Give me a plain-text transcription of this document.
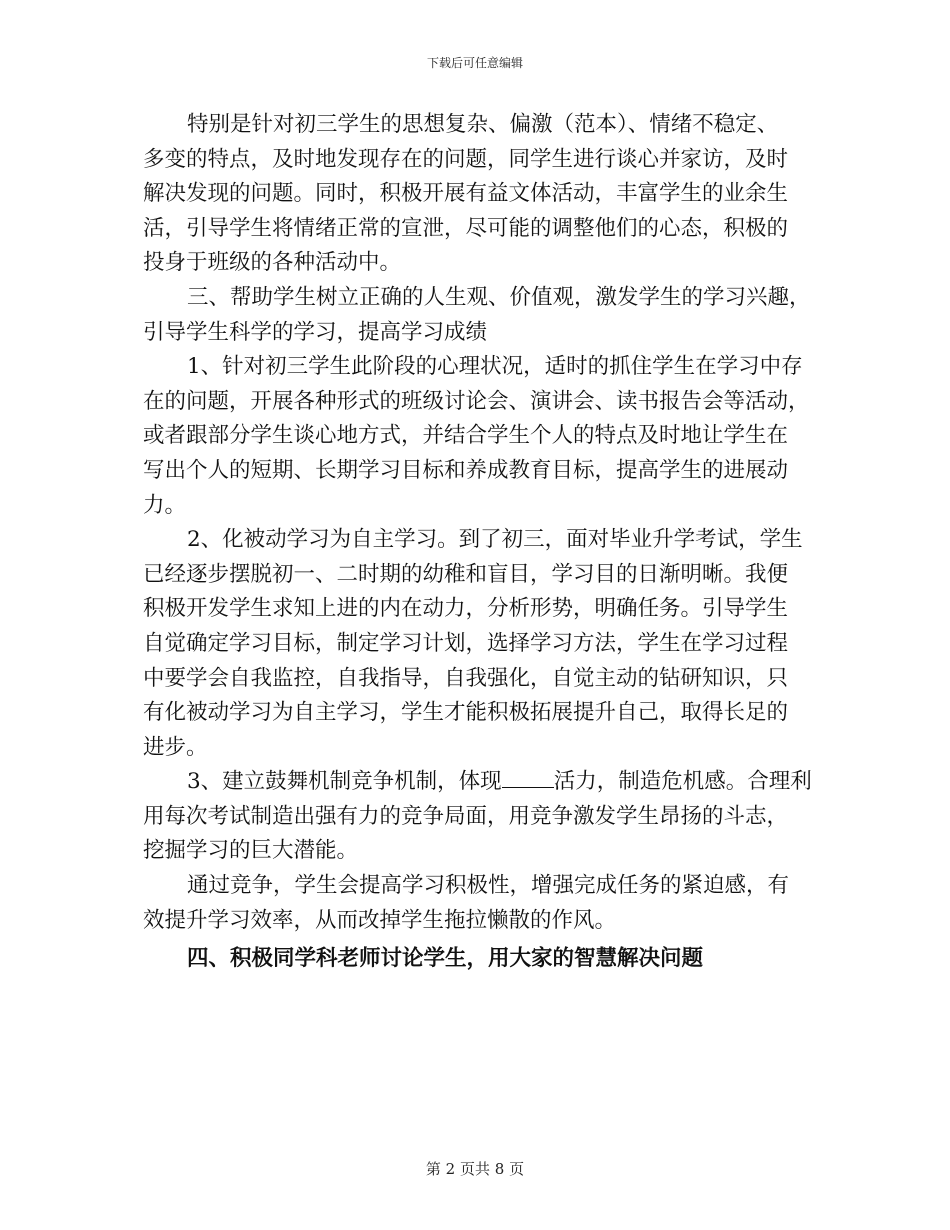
下载后可任意编辑

特别是针对初三学生的思想复杂、偏激（范本）、情绪不稳定、
多变的特点，及时地发现存在的问题，同学生进行谈心并家访，及时
解决发现的问题。同时，积极开展有益文体活动，丰富学生的业余生
活，引导学生将情绪正常的宣泄，尽可能的调整他们的心态，积极的
投身于班级的各种活动中。

三、帮助学生树立正确的人生观、价值观，激发学生的学习兴趣，
引导学生科学的学习，提高学习成绩

1、针对初三学生此阶段的心理状况，适时的抓住学生在学习中存
在的问题，开展各种形式的班级讨论会、演讲会、读书报告会等活动，
或者跟部分学生谈心地方式，并结合学生个人的特点及时地让学生在
写出个人的短期、长期学习目标和养成教育目标，提高学生的进展动
力。

2、化被动学习为自主学习。到了初三，面对毕业升学考试，学生
已经逐步摆脱初一、二时期的幼稚和盲目，学习目的日渐明晰。我便
积极开发学生求知上进的内在动力，分析形势，明确任务。引导学生
自觉确定学习目标，制定学习计划，选择学习方法，学生在学习过程
中要学会自我监控，自我指导，自我强化，自觉主动的钻研知识，只
有化被动学习为自主学习，学生才能积极拓展提升自己，取得长足的
进步。

3、建立鼓舞机制竞争机制，体现 活力，制造危机感。合理利
用每次考试制造出强有力的竞争局面，用竞争激发学生昂扬的斗志，
挖掘学习的巨大潜能。

通过竞争，学生会提高学习积极性，增强完成任务的紧迫感，有
效提升学习效率，从而改掉学生拖拉懒散的作风。

四、积极同学科老师讨论学生，用大家的智慧解决问题

第 2 页共 8 页
